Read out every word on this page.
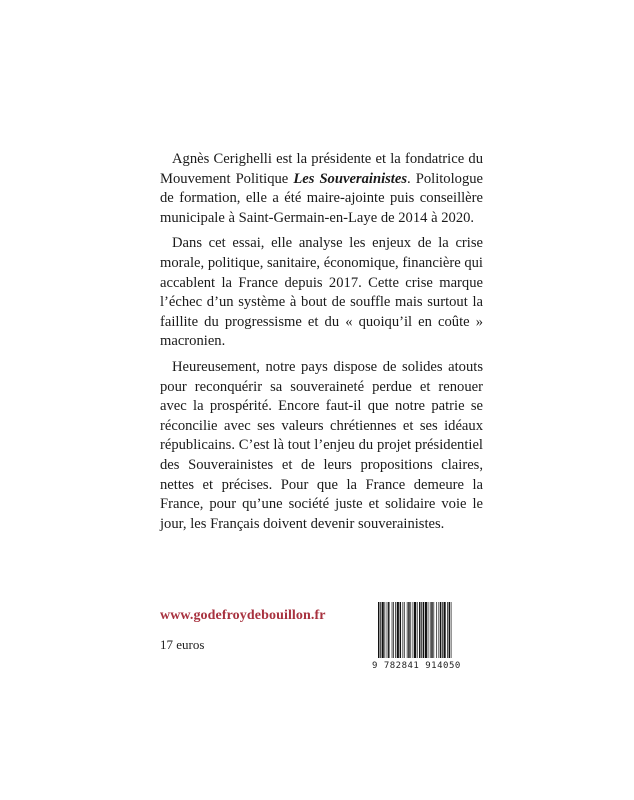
Agnès Cerighelli est la présidente et la fondatrice du Mouvement Politique Les Souverainistes. Politologue de formation, elle a été maire-ajointe puis conseillère municipale à Saint-Germain-en-Laye de 2014 à 2020.

Dans cet essai, elle analyse les enjeux de la crise morale, politique, sanitaire, économique, financière qui accablent la France depuis 2017. Cette crise marque l’échec d’un système à bout de souffle mais surtout la faillite du progressisme et du « quoiqu’il en coûte » macronien.

Heureusement, notre pays dispose de solides atouts pour reconquérir sa souveraineté perdue et renouer avec la prospérité. Encore faut-il que notre patrie se réconcilie avec ses valeurs chrétiennes et ses idéaux républicains. C’est là tout l’enjeu du projet présidentiel des Souverainistes et de leurs propositions claires, nettes et précises. Pour que la France demeure la France, pour qu’une société juste et solidaire voie le jour, les Français doivent devenir souverainistes.

www.godefroydebouillon.fr
17 euros
9 782841 914050
